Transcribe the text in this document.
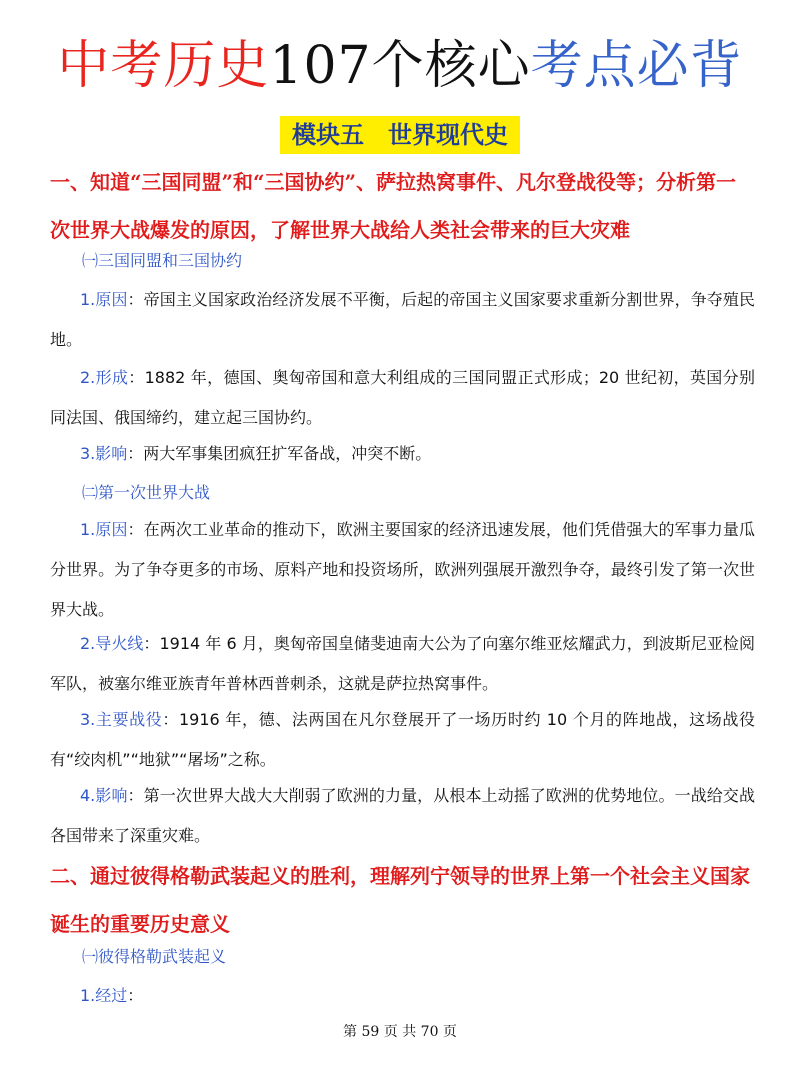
中考历史107个核心考点必背
模块五　世界现代史
一、知道“三国同盟”和“三国协约”、萨拉热窝事件、凡尔登战役等；分析第一次世界大战爆发的原因，了解世界大战给人类社会带来的巨大灾难
㈠三国同盟和三国协约
1.原因：帝国主义国家政治经济发展不平衡，后起的帝国主义国家要求重新分割世界，争夺殖民地。
2.形成：1882 年，德国、奥匈帝国和意大利组成的三国同盟正式形成；20 世纪初，英国分别同法国、俄国缔约，建立起三国协约。
3.影响：两大军事集团疯狂扩军备战，冲突不断。
㈡第一次世界大战
1.原因：在两次工业革命的推动下，欧洲主要国家的经济迅速发展，他们凭借强大的军事力量瓜分世界。为了争夺更多的市场、原料产地和投资场所，欧洲列强展开激烈争夺，最终引发了第一次世界大战。
2.导火线：1914 年 6 月，奥匈帝国皇储斐迪南大公为了向塞尔维亚炫耀武力，到波斯尼亚检阅军队，被塞尔维亚族青年普林西普刺杀，这就是萨拉热窝事件。
3.主要战役：1916 年，德、法两国在凡尔登展开了一场历时约 10 个月的阵地战，这场战役有“绞肉机”“地狱”“屠场”之称。
4.影响：第一次世界大战大大削弱了欧洲的力量，从根本上动摇了欧洲的优势地位。一战给交战各国带来了深重灾难。
二、通过彼得格勒武装起义的胜利，理解列宁领导的世界上第一个社会主义国家诞生的重要历史意义
㈠彼得格勒武装起义
1.经过：
第 59 页 共 70 页
